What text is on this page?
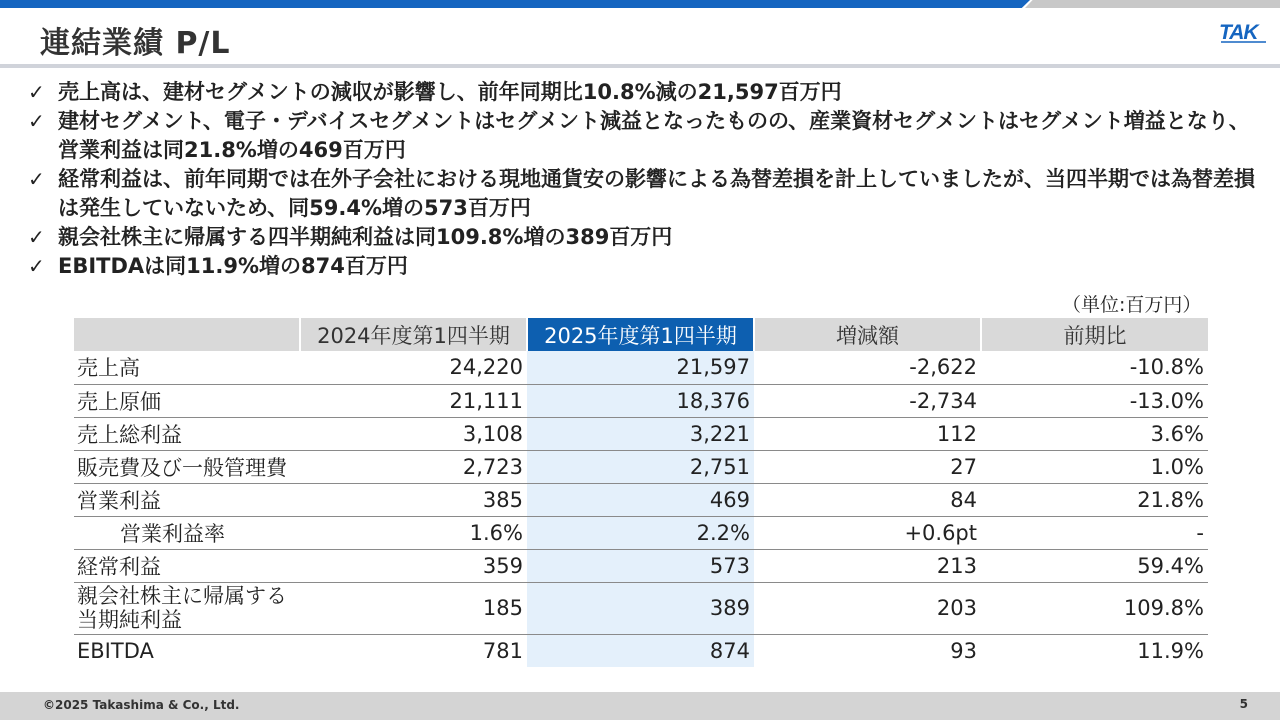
連結業績 P/L	TAK
✓ 売上高は、建材セグメントの減収が影響し、前年同期比10.8%減の21,597百万円
✓ 建材セグメント、電子・デバイスセグメントはセグメント減益となったものの、産業資材セグメントはセグメント増益となり、営業利益は同21.8%増の469百万円
✓ 経常利益は、前年同期では在外子会社における現地通貨安の影響による為替差損を計上していましたが、当四半期では為替差損は発生していないため、同59.4%増の573百万円
✓ 親会社株主に帰属する四半期純利益は同109.8%増の389百万円
✓ EBITDAは同11.9%増の874百万円
（単位:百万円）
	2024年度第1四半期	2025年度第1四半期	増減額	前期比
売上高	24,220	21,597	-2,622	-10.8%
売上原価	21,111	18,376	-2,734	-13.0%
売上総利益	3,108	3,221	112	3.6%
販売費及び一般管理費	2,723	2,751	27	1.0%
営業利益	385	469	84	21.8%
営業利益率	1.6%	2.2%	+0.6pt	-
経常利益	359	573	213	59.4%
親会社株主に帰属する
当期純利益	185	389	203	109.8%
EBITDA	781	874	93	11.9%
©2025 Takashima & Co., Ltd.	5
